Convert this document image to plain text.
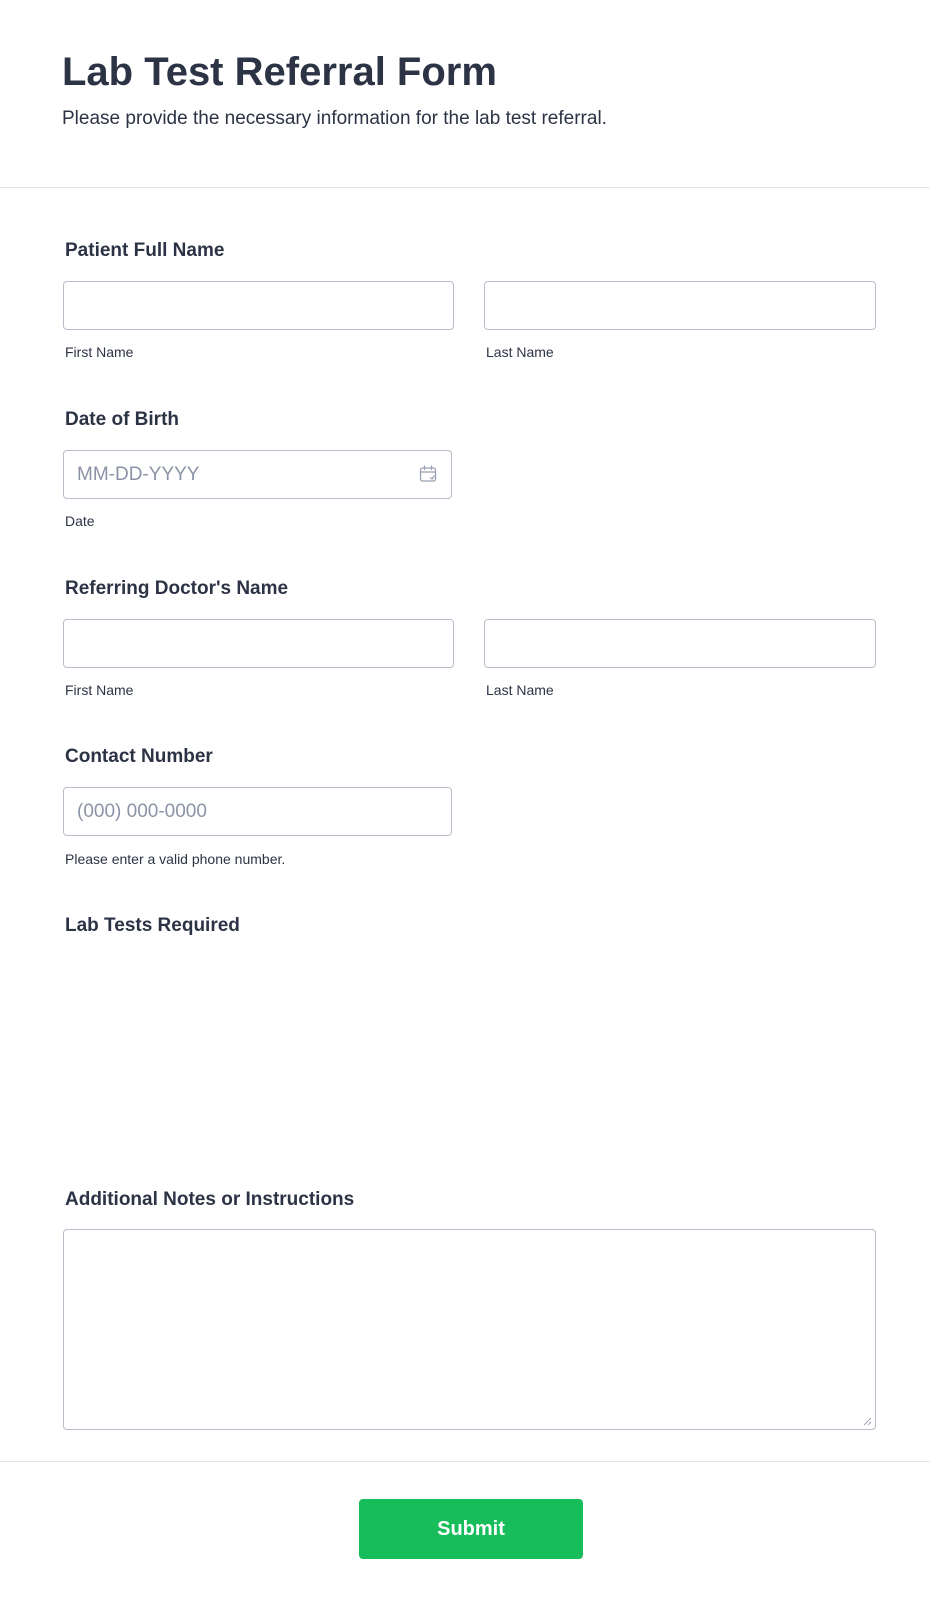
Lab Test Referral Form

Please provide the necessary information for the lab test referral.

Patient Full Name
First Name	Last Name
Date of Birth
MM-DD-YYYY
Date
Referring Doctor's Name
First Name	Last Name
Contact Number
(000) 000-0000
Please enter a valid phone number.
Lab Tests Required
Additional Notes or Instructions
Submit
